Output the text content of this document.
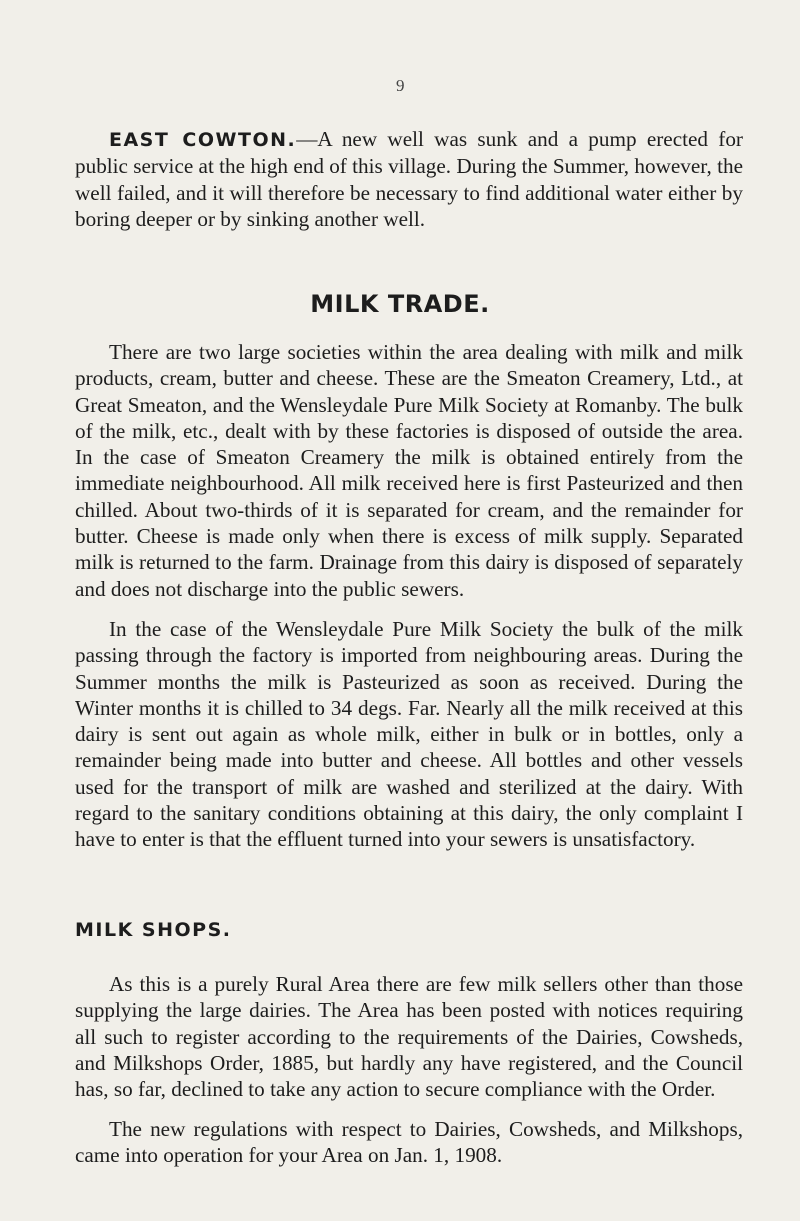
9

EAST COWTON.—A new well was sunk and a pump erected for public service at the high end of this village. During the Summer, however, the well failed, and it will therefore be necessary to find additional water either by boring deeper or by sinking another well.

MILK TRADE.

There are two large societies within the area dealing with milk and milk products, cream, butter and cheese. These are the Smeaton Creamery, Ltd., at Great Smeaton, and the Wensleydale Pure Milk Society at Romanby. The bulk of the milk, etc., dealt with by these factories is disposed of outside the area. In the case of Smeaton Creamery the milk is obtained entirely from the immediate neighbourhood. All milk received here is first Pasteurized and then chilled. About two-thirds of it is separated for cream, and the remainder for butter. Cheese is made only when there is excess of milk supply. Separated milk is returned to the farm. Drainage from this dairy is disposed of separately and does not discharge into the public sewers.

In the case of the Wensleydale Pure Milk Society the bulk of the milk passing through the factory is imported from neighbouring areas. During the Summer months the milk is Pasteurized as soon as received. During the Winter months it is chilled to 34 degs. Far. Nearly all the milk received at this dairy is sent out again as whole milk, either in bulk or in bottles, only a remainder being made into butter and cheese. All bottles and other vessels used for the transport of milk are washed and sterilized at the dairy. With regard to the sanitary conditions obtaining at this dairy, the only complaint I have to enter is that the effluent turned into your sewers is unsatisfactory.

MILK SHOPS.

As this is a purely Rural Area there are few milk sellers other than those supplying the large dairies. The Area has been posted with notices requiring all such to register according to the requirements of the Dairies, Cowsheds, and Milkshops Order, 1885, but hardly any have registered, and the Council has, so far, declined to take any action to secure compliance with the Order.

The new regulations with respect to Dairies, Cowsheds, and Milkshops, came into operation for your Area on Jan. 1, 1908.
